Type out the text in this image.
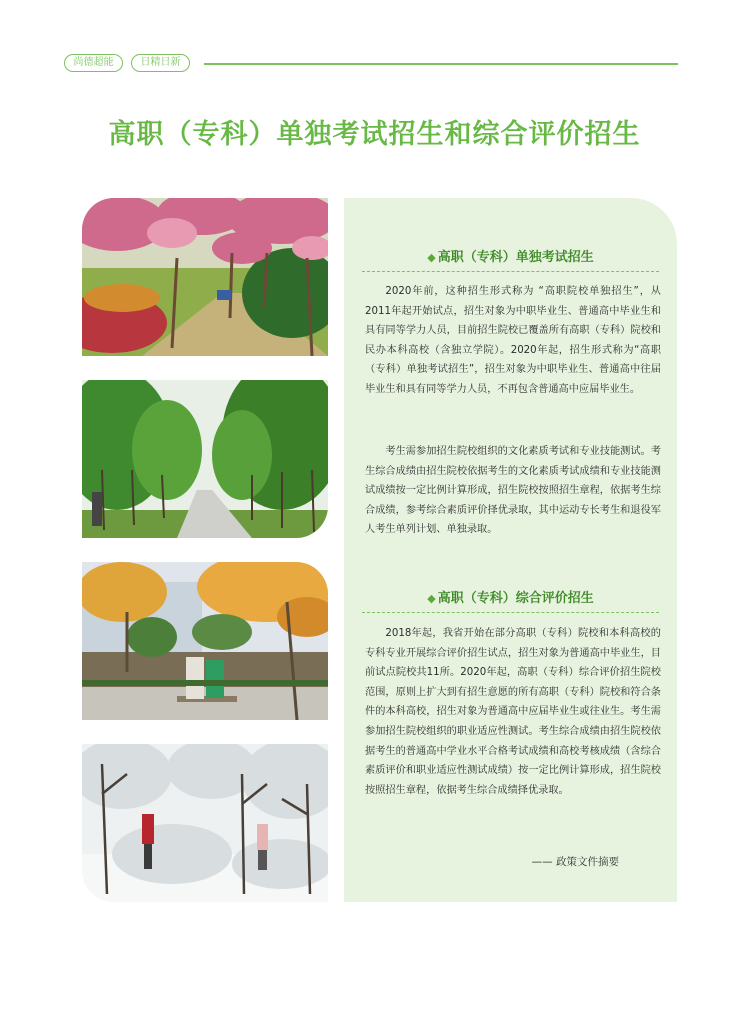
尚德超能	日精日新
高职（专科）单独考试招生和综合评价招生
◆ 高职（专科）单独考试招生

2020年前，这种招生形式称为 “高职院校单独招生”，从2011年起开始试点，招生对象为中职毕业生、普通高中毕业生和具有同等学力人员，目前招生院校已覆盖所有高职（专科）院校和民办本科高校（含独立学院）。2020年起，招生形式称为“高职（专科）单独考试招生”，招生对象为中职毕业生、普通高中往届毕业生和具有同等学力人员，不再包含普通高中应届毕业生。

考生需参加招生院校组织的文化素质考试和专业技能测试。考生综合成绩由招生院校依据考生的文化素质考试成绩和专业技能测试成绩按一定比例计算形成，招生院校按照招生章程，依据考生综合成绩，参考综合素质评价择优录取，其中运动专长考生和退役军人考生单列计划、单独录取。

◆ 高职（专科）综合评价招生

2018年起，我省开始在部分高职（专科）院校和本科高校的专科专业开展综合评价招生试点，招生对象为普通高中毕业生，目前试点院校共11所。2020年起，高职（专科）综合评价招生院校范围，原则上扩大到有招生意愿的所有高职（专科）院校和符合条件的本科高校，招生对象为普通高中应届毕业生或往业生。考生需参加招生院校组织的职业适应性测试。考生综合成绩由招生院校依据考生的普通高中学业水平合格考试成绩和高校考核成绩（含综合素质评价和职业适应性测试成绩）按一定比例计算形成，招生院校按照招生章程，依据考生综合成绩择优录取。

—— 政策文件摘要
